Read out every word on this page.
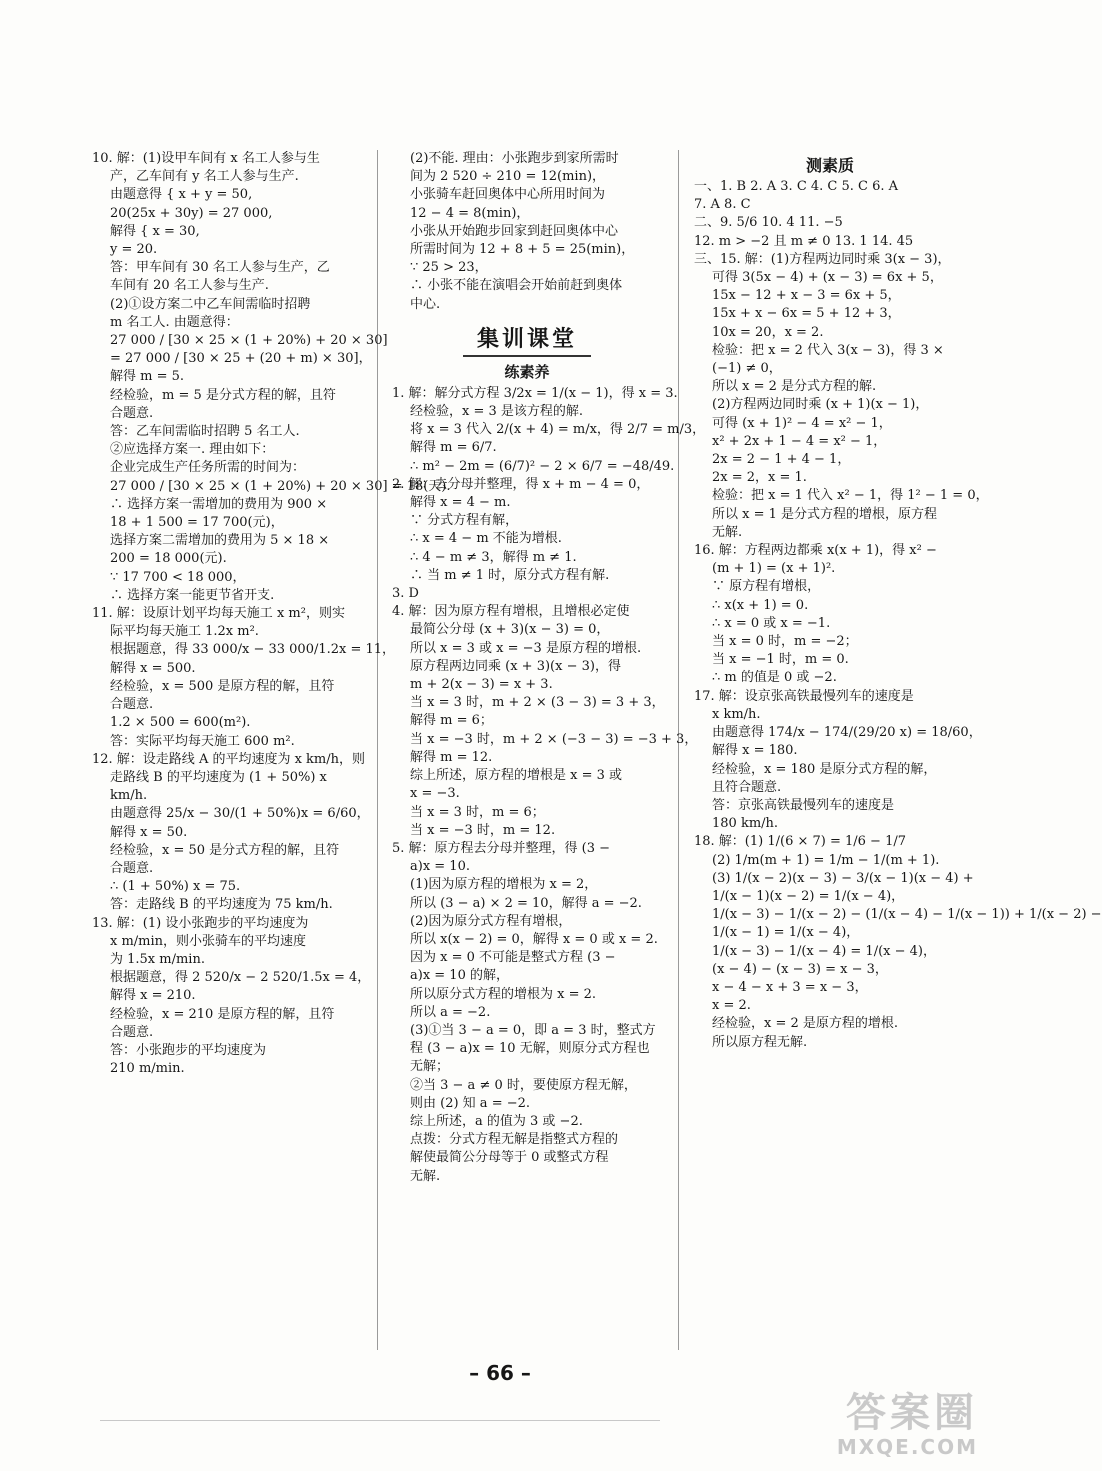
10. 解：(1)设甲车间有 x 名工人参与生
产，乙车间有 y 名工人参与生产.
由题意得 { x + y = 50,
20(25x + 30y) = 27 000,
解得 { x = 30,
y = 20.
答：甲车间有 30 名工人参与生产，乙
车间有 20 名工人参与生产.
(2)①设方案二中乙车间需临时招聘
m 名工人. 由题意得：
27 000 / [30 × 25 × (1 + 20%) + 20 × 30]
= 27 000 / [30 × 25 + (20 + m) × 30]，
解得 m = 5.
经检验，m = 5 是分式方程的解，且符
合题意.
答：乙车间需临时招聘 5 名工人.
②应选择方案一. 理由如下：
企业完成生产任务所需的时间为：
27 000 / [30 × 25 × (1 + 20%) + 20 × 30] = 18(天).
∴ 选择方案一需增加的费用为 900 ×
18 + 1 500 = 17 700(元)，
选择方案二需增加的费用为 5 × 18 ×
200 = 18 000(元).
∵ 17 700 < 18 000，
∴ 选择方案一能更节省开支.
11. 解：设原计划平均每天施工 x m²，则实
际平均每天施工 1.2x m².
根据题意，得 33 000/x − 33 000/1.2x = 11，
解得 x = 500.
经检验，x = 500 是原方程的解，且符
合题意.
1.2 × 500 = 600(m²).
答：实际平均每天施工 600 m².
12. 解：设走路线 A 的平均速度为 x km/h，则
走路线 B 的平均速度为 (1 + 50%) x
km/h.
由题意得 25/x − 30/(1 + 50%)x = 6/60，
解得 x = 50.
经检验，x = 50 是分式方程的解，且符
合题意.
∴ (1 + 50%) x = 75.
答：走路线 B 的平均速度为 75 km/h.
13. 解：(1) 设小张跑步的平均速度为
x m/min，则小张骑车的平均速度
为 1.5x m/min.
根据题意，得 2 520/x − 2 520/1.5x = 4，
解得 x = 210.
经检验，x = 210 是原方程的解，且符
合题意.
答：小张跑步的平均速度为
210 m/min.
(2)不能. 理由：小张跑步到家所需时
间为 2 520 ÷ 210 = 12(min)，
小张骑车赶回奥体中心所用时间为
12 − 4 = 8(min)，
小张从开始跑步回家到赶回奥体中心
所需时间为 12 + 8 + 5 = 25(min)，
∵ 25 > 23，
∴ 小张不能在演唱会开始前赶到奥体
中心.
集训课堂
练素养
1. 解：解分式方程 3/2x = 1/(x − 1)，得 x = 3.
经检验，x = 3 是该方程的解.
将 x = 3 代入 2/(x + 4) = m/x，得 2/7 = m/3，
解得 m = 6/7.
∴ m² − 2m = (6/7)² − 2 × 6/7 = −48/49.
2. 解：去分母并整理，得 x + m − 4 = 0，
解得 x = 4 − m.
∵ 分式方程有解，
∴ x = 4 − m 不能为增根.
∴ 4 − m ≠ 3，解得 m ≠ 1.
∴ 当 m ≠ 1 时，原分式方程有解.
3. D
4. 解：因为原方程有增根，且增根必定使
最简公分母 (x + 3)(x − 3) = 0，
所以 x = 3 或 x = −3 是原方程的增根.
原方程两边同乘 (x + 3)(x − 3)，得
m + 2(x − 3) = x + 3.
当 x = 3 时，m + 2 × (3 − 3) = 3 + 3，
解得 m = 6；
当 x = −3 时，m + 2 × (−3 − 3) = −3 + 3，
解得 m = 12.
综上所述，原方程的增根是 x = 3 或
x = −3.
当 x = 3 时，m = 6；
当 x = −3 时，m = 12.
5. 解：原方程去分母并整理，得 (3 −
a)x = 10.
(1)因为原方程的增根为 x = 2，
所以 (3 − a) × 2 = 10，解得 a = −2.
(2)因为原分式方程有增根，
所以 x(x − 2) = 0，解得 x = 0 或 x = 2.
因为 x = 0 不可能是整式方程 (3 −
a)x = 10 的解，
所以原分式方程的增根为 x = 2.
所以 a = −2.
(3)①当 3 − a = 0，即 a = 3 时，整式方
程 (3 − a)x = 10 无解，则原分式方程也
无解；
②当 3 − a ≠ 0 时，要使原方程无解，
则由 (2) 知 a = −2.
综上所述，a 的值为 3 或 −2.
点拨：分式方程无解是指整式方程的
解使最简公分母等于 0 或整式方程
无解.
测素质
一、1. B 2. A 3. C 4. C 5. C 6. A
7. A 8. C
二、9. 5/6 10. 4 11. −5
12. m > −2 且 m ≠ 0 13. 1 14. 45
三、15. 解：(1)方程两边同时乘 3(x − 3)，
可得 3(5x − 4) + (x − 3) = 6x + 5，
15x − 12 + x − 3 = 6x + 5，
15x + x − 6x = 5 + 12 + 3，
10x = 20，x = 2.
检验：把 x = 2 代入 3(x − 3)，得 3 ×
(−1) ≠ 0，
所以 x = 2 是分式方程的解.
(2)方程两边同时乘 (x + 1)(x − 1)，
可得 (x + 1)² − 4 = x² − 1，
x² + 2x + 1 − 4 = x² − 1，
2x = 2 − 1 + 4 − 1，
2x = 2，x = 1.
检验：把 x = 1 代入 x² − 1，得 1² − 1 = 0，
所以 x = 1 是分式方程的增根，原方程
无解.
16. 解：方程两边都乘 x(x + 1)，得 x² −
(m + 1) = (x + 1)².
∵ 原方程有增根，
∴ x(x + 1) = 0.
∴ x = 0 或 x = −1.
当 x = 0 时，m = −2；
当 x = −1 时，m = 0.
∴ m 的值是 0 或 −2.
17. 解：设京张高铁最慢列车的速度是
x km/h.
由题意得 174/x − 174/(29/20 x) = 18/60，
解得 x = 180.
经检验，x = 180 是原分式方程的解，
且符合题意.
答：京张高铁最慢列车的速度是
180 km/h.
18. 解：(1) 1/(6 × 7) = 1/6 − 1/7
(2) 1/m(m + 1) = 1/m − 1/(m + 1).
(3) 1/(x − 2)(x − 3) − 3/(x − 1)(x − 4) +
1/(x − 1)(x − 2) = 1/(x − 4)，
1/(x − 3) − 1/(x − 2) − (1/(x − 4) − 1/(x − 1)) + 1/(x − 2) −
1/(x − 1) = 1/(x − 4)，
1/(x − 3) − 1/(x − 4) = 1/(x − 4)，
(x − 4) − (x − 3) = x − 3，
x − 4 − x + 3 = x − 3，
x = 2.
经检验，x = 2 是原方程的增根.
所以原方程无解.
– 66 –
答案圈
MXQE.COM
